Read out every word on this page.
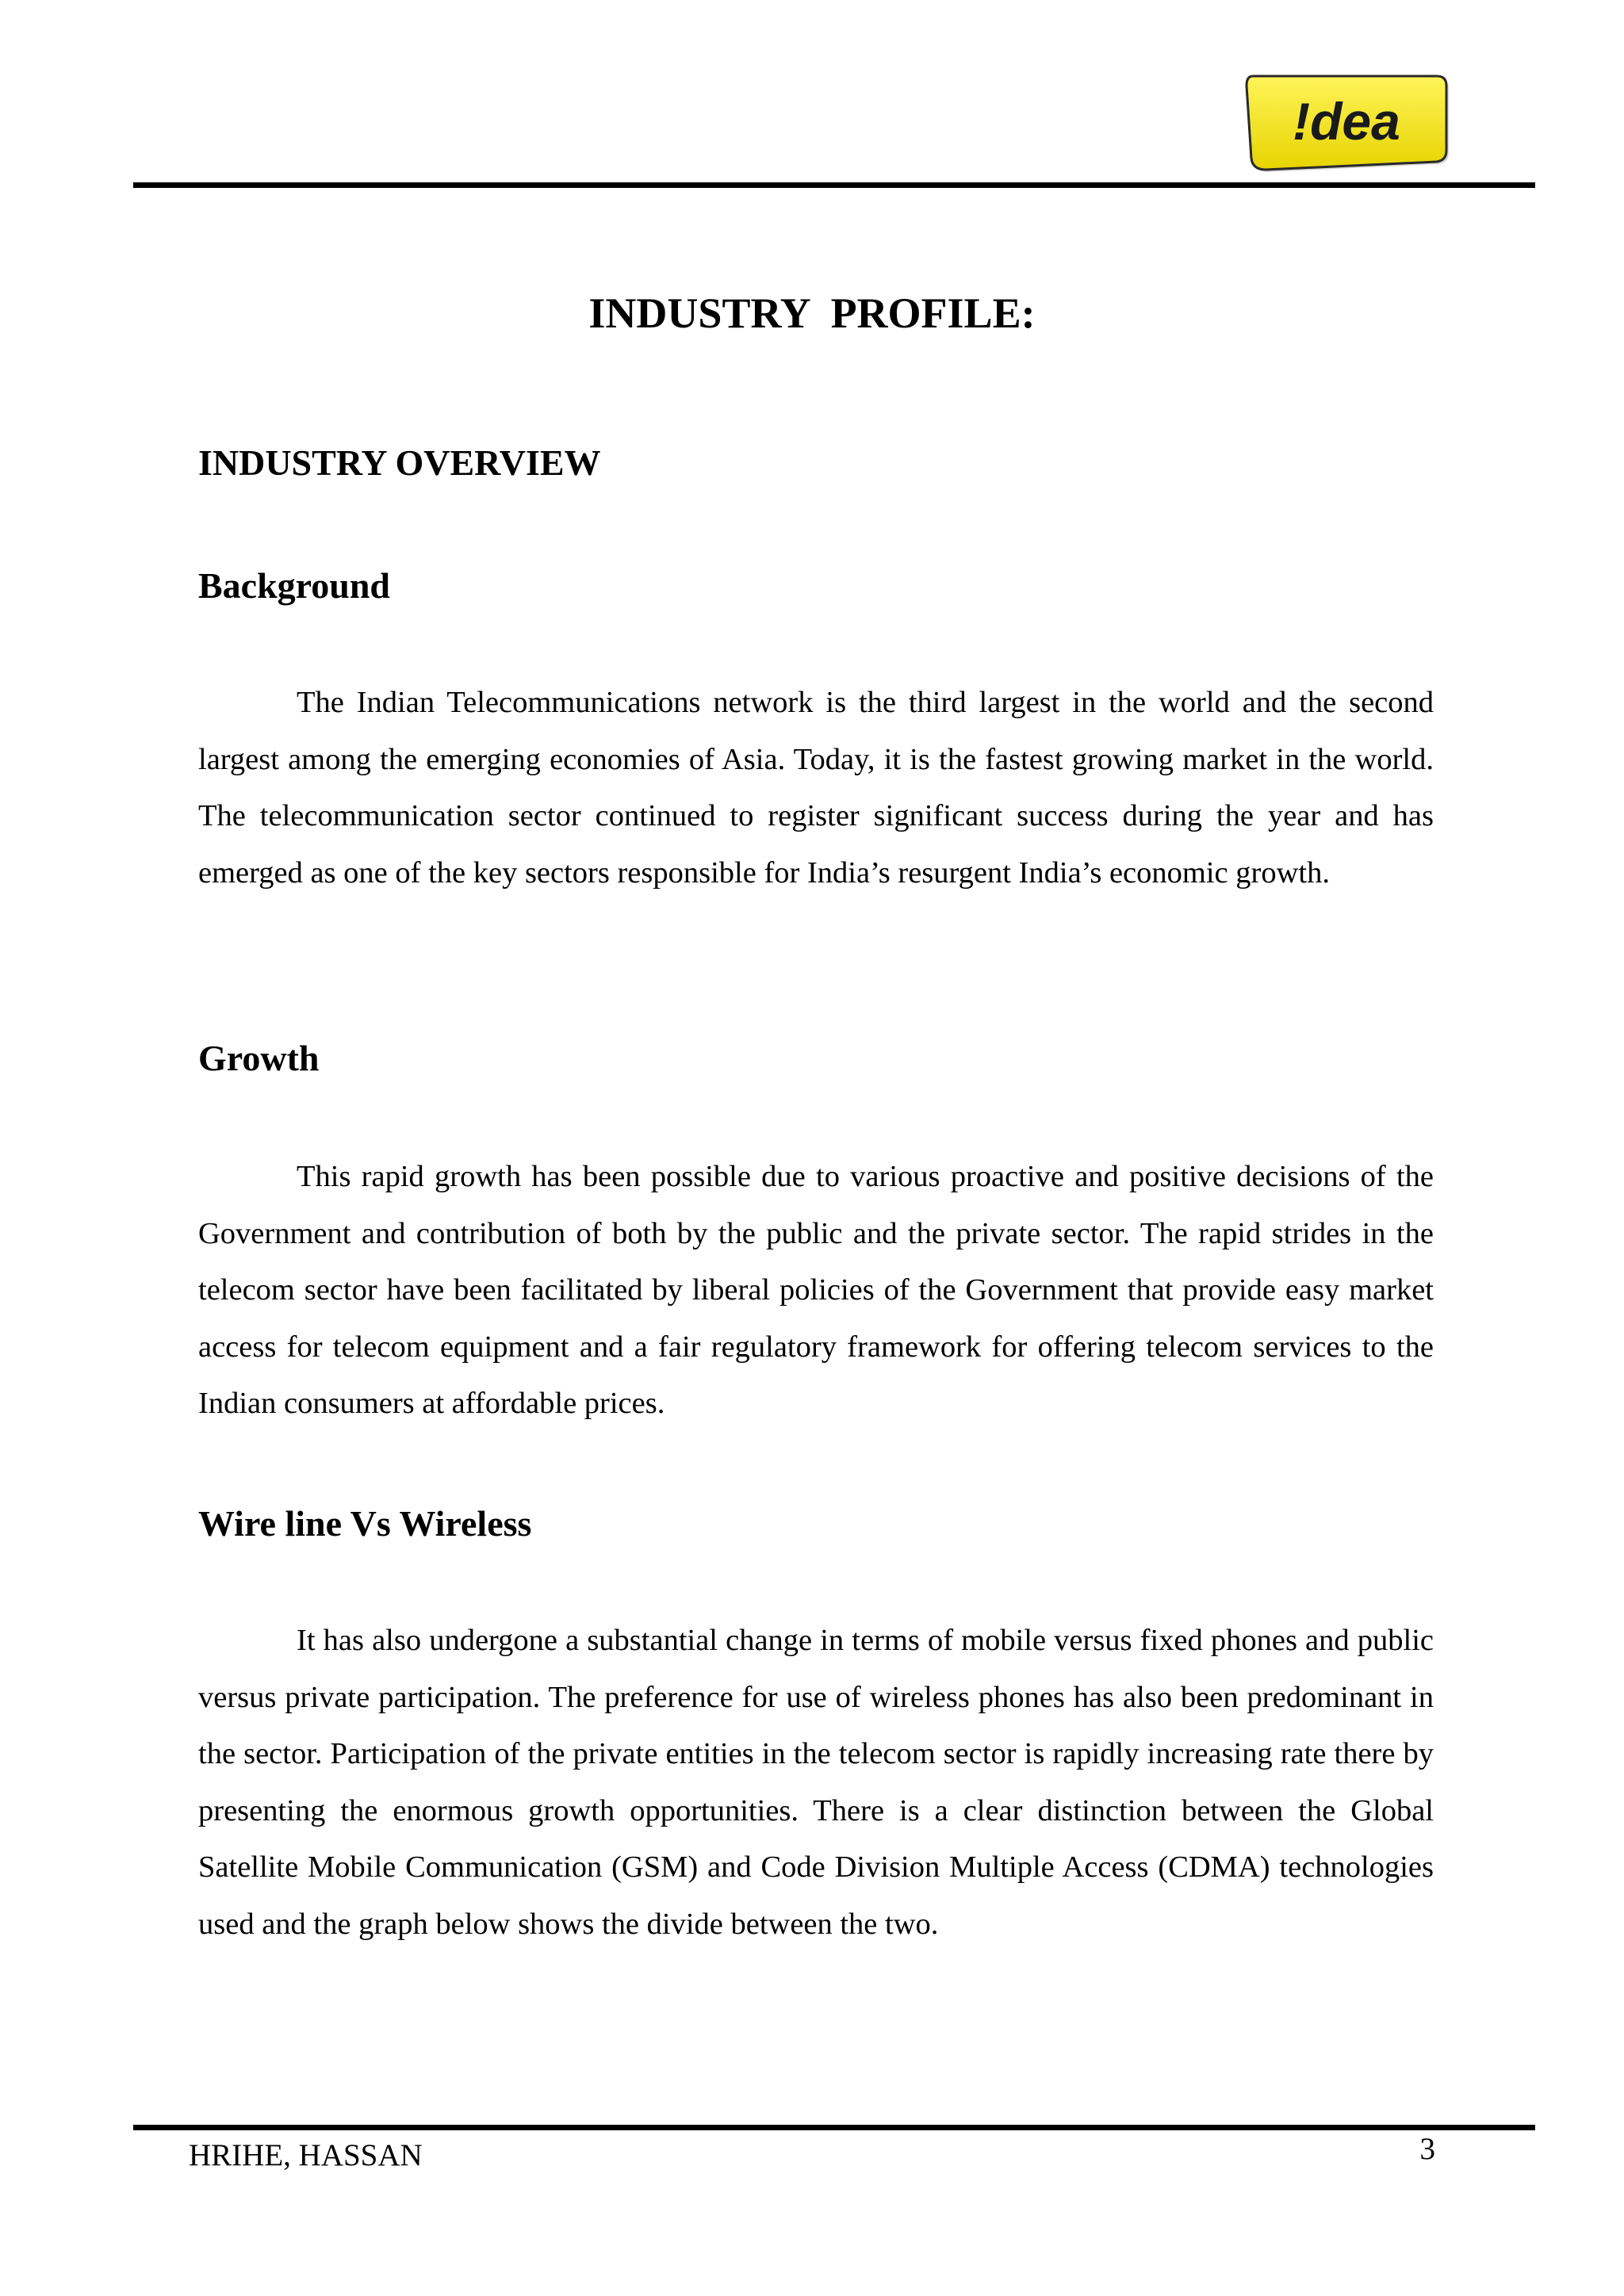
!dea
INDUSTRY  PROFILE:
INDUSTRY OVERVIEW
Background

The Indian Telecommunications network is the third largest in the world and the second largest among the emerging economies of Asia. Today, it is the fastest growing market in the world. The telecommunication sector continued to register significant success during the year and has emerged as one of the key sectors responsible for India’s resurgent India’s economic growth.

Growth

This rapid growth has been possible due to various proactive and positive decisions of the Government and contribution of both by the public and the private sector. The rapid strides in the telecom sector have been facilitated by liberal policies of the Government that provide easy market access for telecom equipment and a fair regulatory framework for offering telecom services to the Indian consumers at affordable prices.

Wire line Vs Wireless

It has also undergone a substantial change in terms of mobile versus fixed phones and public versus private participation. The preference for use of wireless phones has also been predominant in the sector. Participation of the private entities in the telecom sector is rapidly increasing rate there by presenting the enormous growth opportunities. There is a clear distinction between the Global Satellite Mobile Communication (GSM) and Code Division Multiple Access (CDMA) technologies used and the graph below shows the divide between the two.

HRIHE, HASSAN	3
